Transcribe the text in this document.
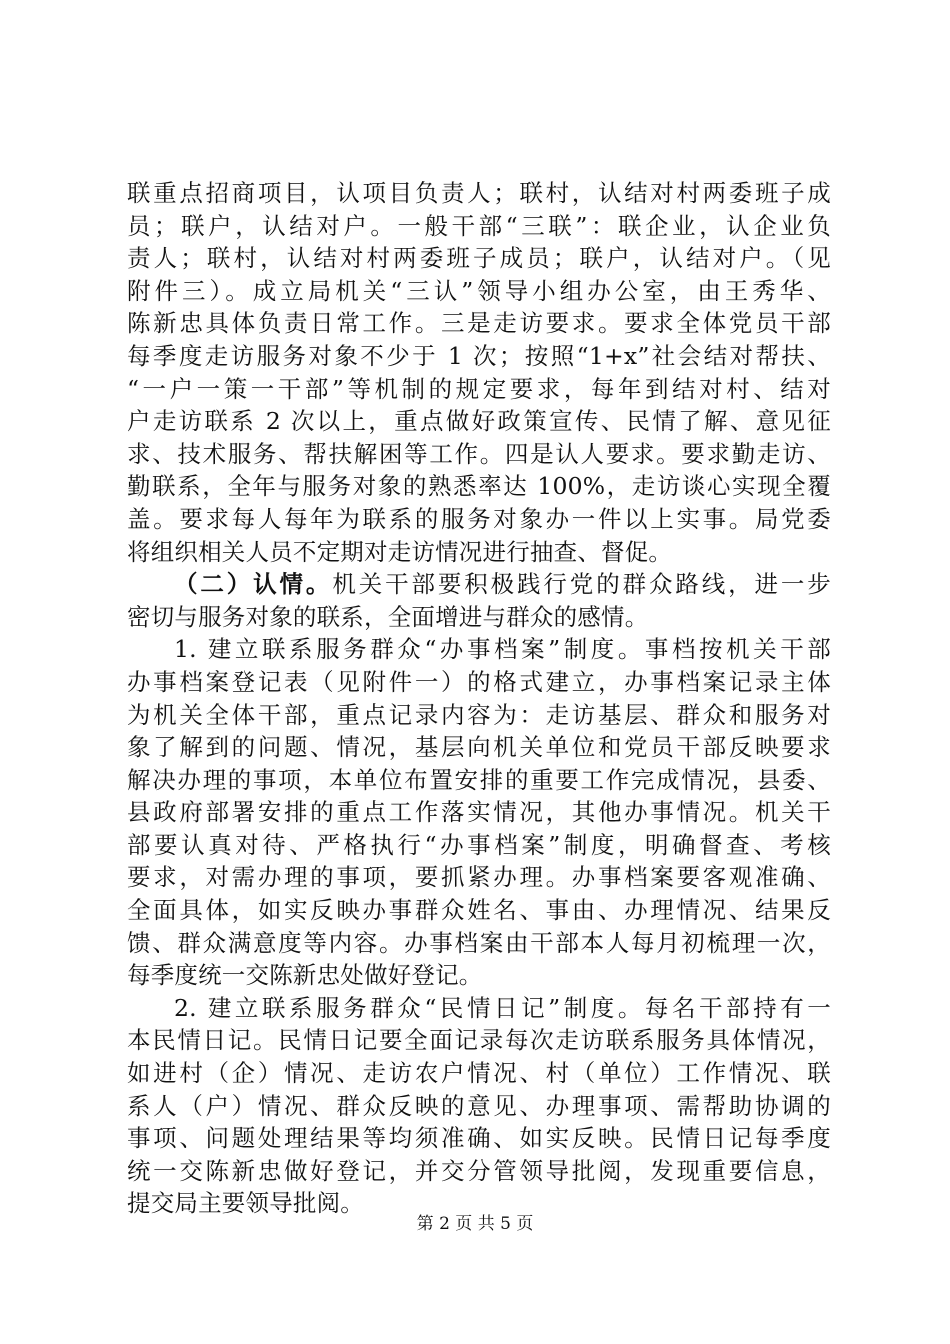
联重点招商项目，认项目负责人；联村，认结对村两委班子成
员；联户，认结对户。一般干部“三联”：联企业，认企业负
责人；联村，认结对村两委班子成员；联户，认结对户。（见
附件三）。成立局机关“三认”领导小组办公室，由王秀华、
陈新忠具体负责日常工作。三是走访要求。要求全体党员干部
每季度走访服务对象不少于 1 次；按照“1+x”社会结对帮扶、
“一户一策一干部”等机制的规定要求，每年到结对村、结对
户走访联系 2 次以上，重点做好政策宣传、民情了解、意见征
求、技术服务、帮扶解困等工作。四是认人要求。要求勤走访、
勤联系，全年与服务对象的熟悉率达 100%，走访谈心实现全覆
盖。要求每人每年为联系的服务对象办一件以上实事。局党委
将组织相关人员不定期对走访情况进行抽查、督促。
（二）认情。机关干部要积极践行党的群众路线，进一步
密切与服务对象的联系，全面增进与群众的感情。
1. 建立联系服务群众“办事档案”制度。事档按机关干部
办事档案登记表（见附件一）的格式建立，办事档案记录主体
为机关全体干部，重点记录内容为：走访基层、群众和服务对
象了解到的问题、情况，基层向机关单位和党员干部反映要求
解决办理的事项，本单位布置安排的重要工作完成情况，县委、
县政府部署安排的重点工作落实情况，其他办事情况。机关干
部要认真对待、严格执行“办事档案”制度，明确督查、考核
要求，对需办理的事项，要抓紧办理。办事档案要客观准确、
全面具体，如实反映办事群众姓名、事由、办理情况、结果反
馈、群众满意度等内容。办事档案由干部本人每月初梳理一次，
每季度统一交陈新忠处做好登记。
2. 建立联系服务群众“民情日记”制度。每名干部持有一
本民情日记。民情日记要全面记录每次走访联系服务具体情况，
如进村（企）情况、走访农户情况、村（单位）工作情况、联
系人（户）情况、群众反映的意见、办理事项、需帮助协调的
事项、问题处理结果等均须准确、如实反映。民情日记每季度
统一交陈新忠做好登记，并交分管领导批阅，发现重要信息，
提交局主要领导批阅。
第 2 页 共 5 页
